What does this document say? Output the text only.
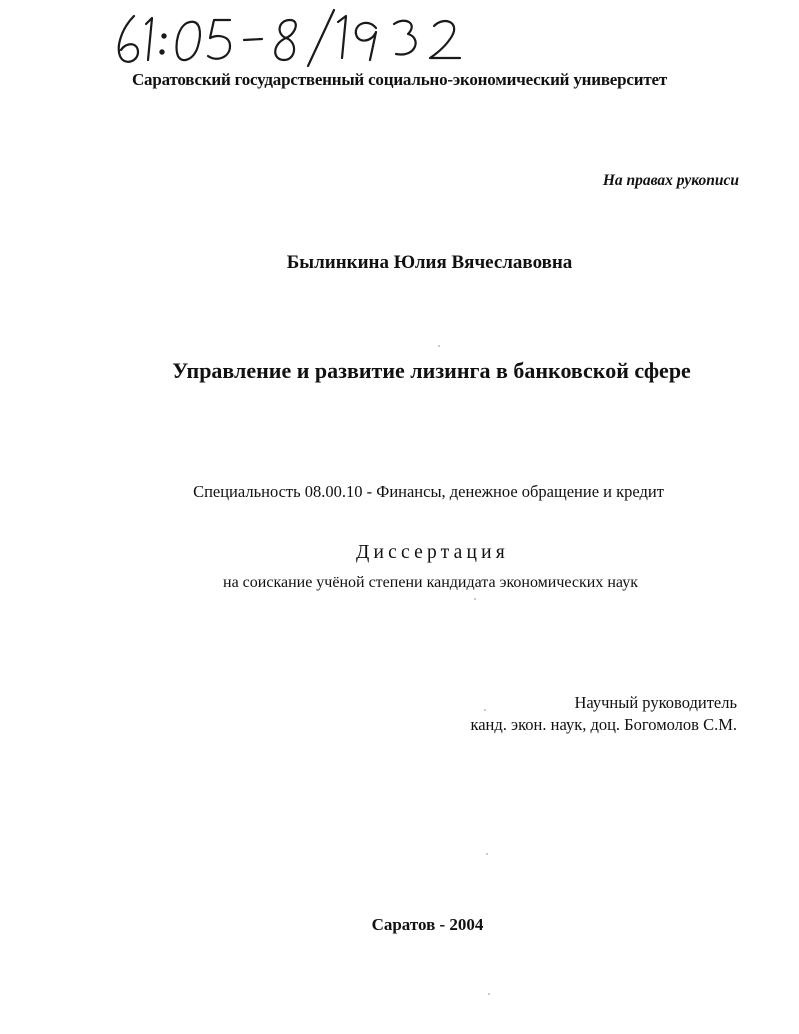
Саратовский государственный социально-экономический университет

На правах рукописи

Былинкина Юлия Вячеславовна

Управление и развитие лизинга в банковской сфере

Специальность 08.00.10 - Финансы, денежное обращение и кредит

Диссертация

на соискание учёной степени кандидата экономических наук

Научный руководитель
канд. экон. наук, доц. Богомолов С.М.

Саратов - 2004
